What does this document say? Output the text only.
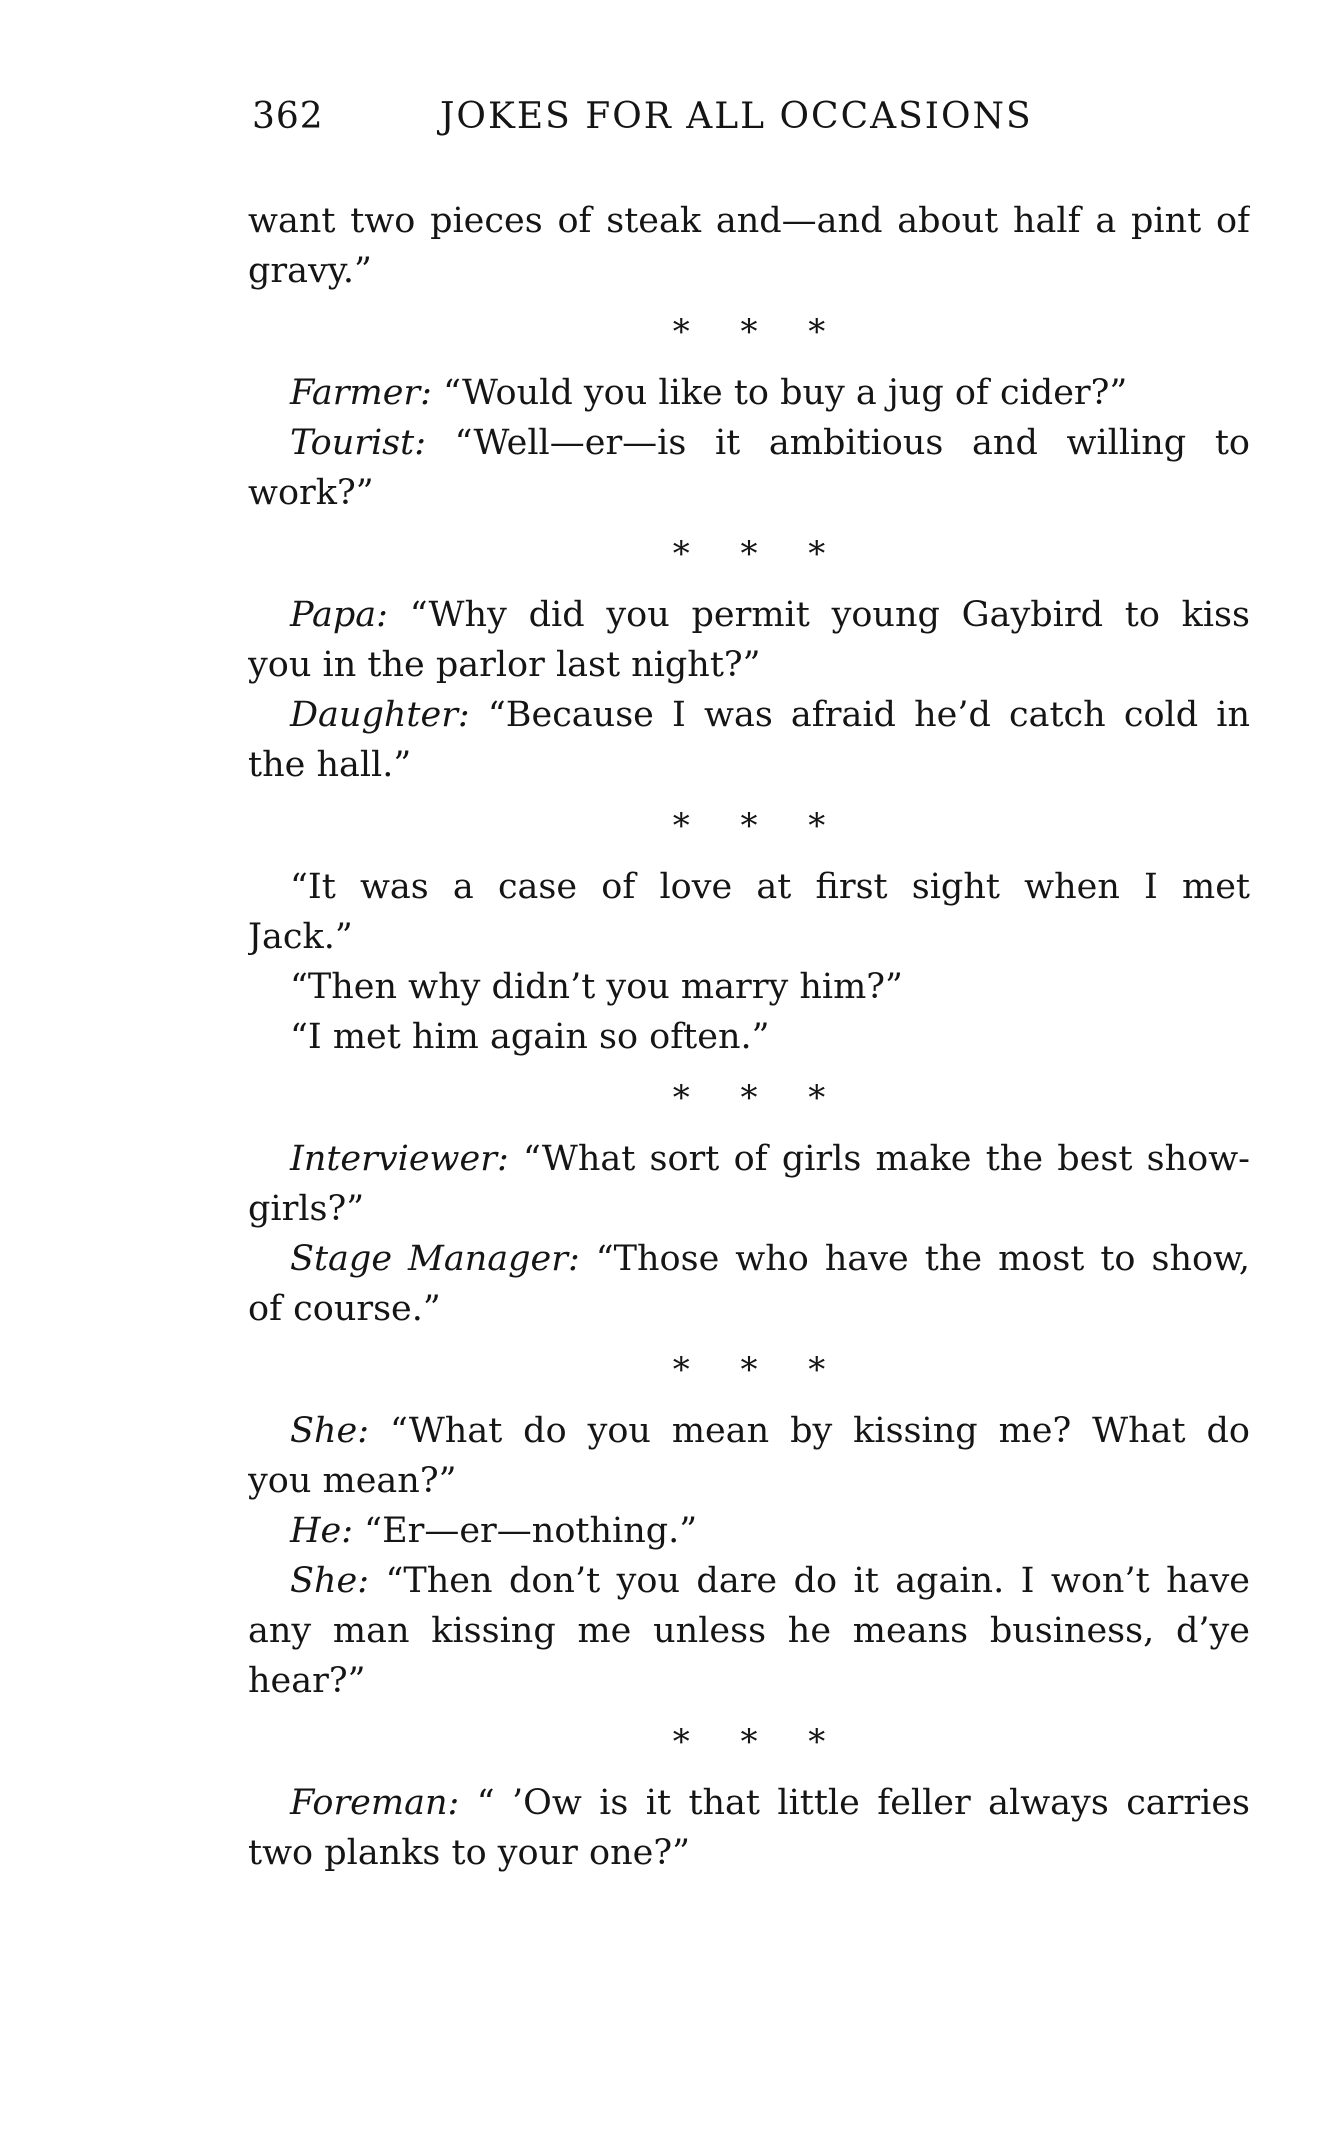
362	JOKES FOR ALL OCCASIONS
want two pieces of steak and—and about half a pint of
gravy.”
* * *
Farmer: “Would you like to buy a jug of cider?”
Tourist: “Well—er—is it ambitious and willing to
work?”
* * *
Papa: “Why did you permit young Gaybird to kiss
you in the parlor last night?”
Daughter: “Because I was afraid he’d catch cold in
the hall.”
* * *
“It was a case of love at first sight when I met
Jack.”
“Then why didn’t you marry him?”
“I met him again so often.”
* * *
Interviewer: “What sort of girls make the best show-
girls?”
Stage Manager: “Those who have the most to show,
of course.”
* * *
She: “What do you mean by kissing me? What do
you mean?”
He: “Er—er—nothing.”
She: “Then don’t you dare do it again. I won’t have
any man kissing me unless he means business, d’ye
hear?”
* * *
Foreman: “ ’Ow is it that little feller always carries
two planks to your one?”
